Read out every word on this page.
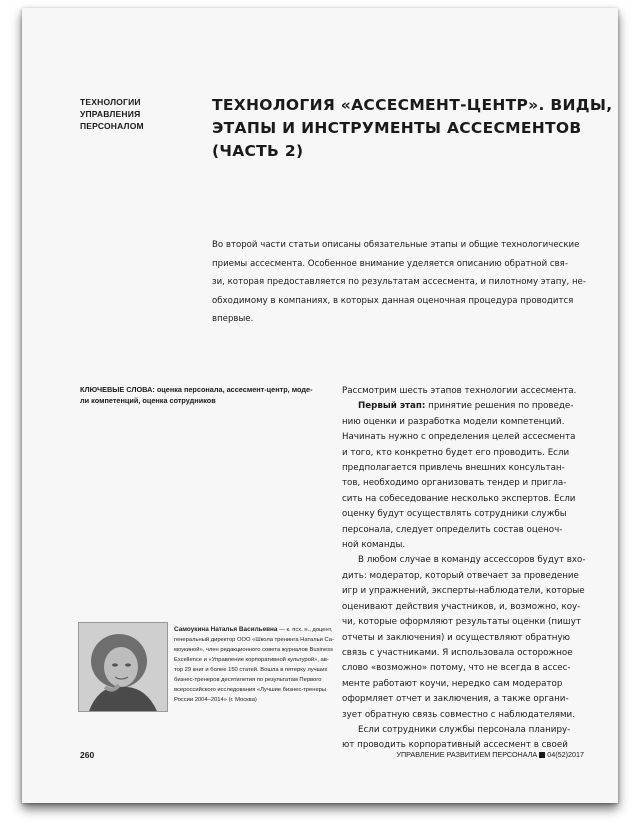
ТЕХНОЛОГИИ
УПРАВЛЕНИЯ
ПЕРСОНАЛОМ
ТЕХНОЛОГИЯ «АССЕСМЕНТ-ЦЕНТР». ВИДЫ,
ЭТАПЫ И ИНСТРУМЕНТЫ АССЕСМЕНТОВ
(ЧАСТЬ 2)
Во второй части статьи описаны обязательные этапы и общие технологические
приемы ассесмента. Особенное внимание уделяется описанию обратной свя-
зи, которая предоставляется по результатам ассесмента, и пилотному этапу, не-
обходимому в компаниях, в которых данная оценочная процедура проводится
впервые.
КЛЮЧЕВЫЕ СЛОВА: оценка персонала, ассесмент-центр, моде-
ли компетенций, оценка сотрудников
Рассмотрим шесть этапов технологии ассесмента.
Первый этап: принятие решения по проведе-
нию оценки и разработка модели компетенций.
Начинать нужно с определения целей ассесмента
и того, кто конкретно будет его проводить. Если
предполагается привлечь внешних консультан-
тов, необходимо организовать тендер и пригла-
сить на собеседование несколько экспертов. Если
оценку будут осуществлять сотрудники службы
персонала, следует определить состав оценоч-
ной команды.
В любом случае в команду ассессоров будут вхо-
дить: модератор, который отвечает за проведение
игр и упражнений, эксперты-наблюдатели, которые
оценивают действия участников, и, возможно, коу-
чи, которые оформляют результаты оценки (пишут
отчеты и заключения) и осуществляют обратную
связь с участниками. Я использовала осторожное
слово «возможно» потому, что не всегда в ассес-
менте работают коучи, нередко сам модератор
оформляет отчет и заключения, а также органи-
зует обратную связь совместно с наблюдателями.
Если сотрудники службы персонала планиру-
ют проводить корпоративный ассесмент в своей
Самоукина Наталья Васильевна — к. псх. н., доцент,
генеральный директор ООО «Школа тренинга Натальи Са-
моукиной», член редакционного совета журналов Business
Excellence и «Управление корпоративной культурой», ав-
тор 29 книг и более 150 статей. Вошла в пятерку лучших
бизнес-тренеров десятилетия по результатам Первого
всероссийского исследования «Лучшие бизнес-тренеры
России 2004–2014» (г. Москва)
260	УПРАВЛЕНИЕ РАЗВИТИЕМ ПЕРСОНАЛА 04(52)2017
